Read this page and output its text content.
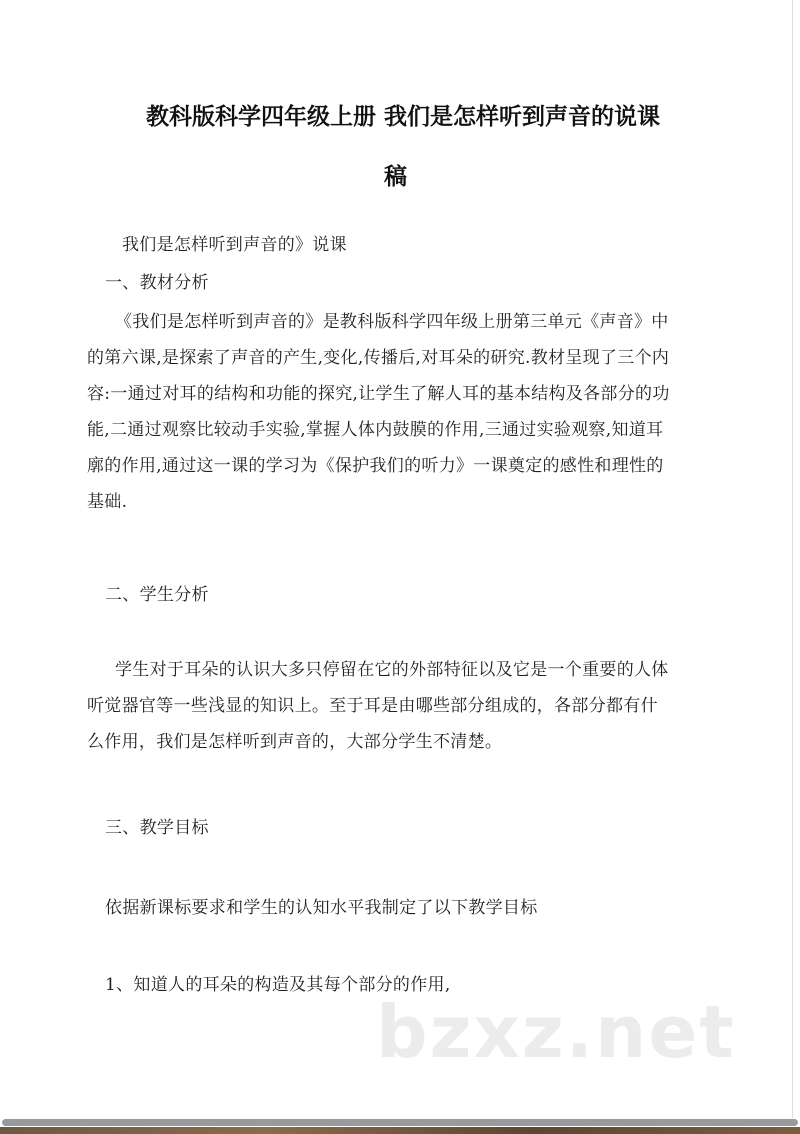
教科版科学四年级上册 我们是怎样听到声音的说课
稿
我们是怎样听到声音的》说课
一、教材分析
《我们是怎样听到声音的》是教科版科学四年级上册第三单元《声音》中
的第六课,是探索了声音的产生,变化,传播后,对耳朵的研究.教材呈现了三个内
容:一通过对耳的结构和功能的探究,让学生了解人耳的基本结构及各部分的功
能,二通过观察比较动手实验,掌握人体内鼓膜的作用,三通过实验观察,知道耳
廓的作用,通过这一课的学习为《保护我们的听力》一课奠定的感性和理性的
基础.
二、学生分析
学生对于耳朵的认识大多只停留在它的外部特征以及它是一个重要的人体
听觉器官等一些浅显的知识上。至于耳是由哪些部分组成的，各部分都有什
么作用，我们是怎样听到声音的，大部分学生不清楚。
三、教学目标
依据新课标要求和学生的认知水平我制定了以下教学目标
1、知道人的耳朵的构造及其每个部分的作用,
bzxz.net
